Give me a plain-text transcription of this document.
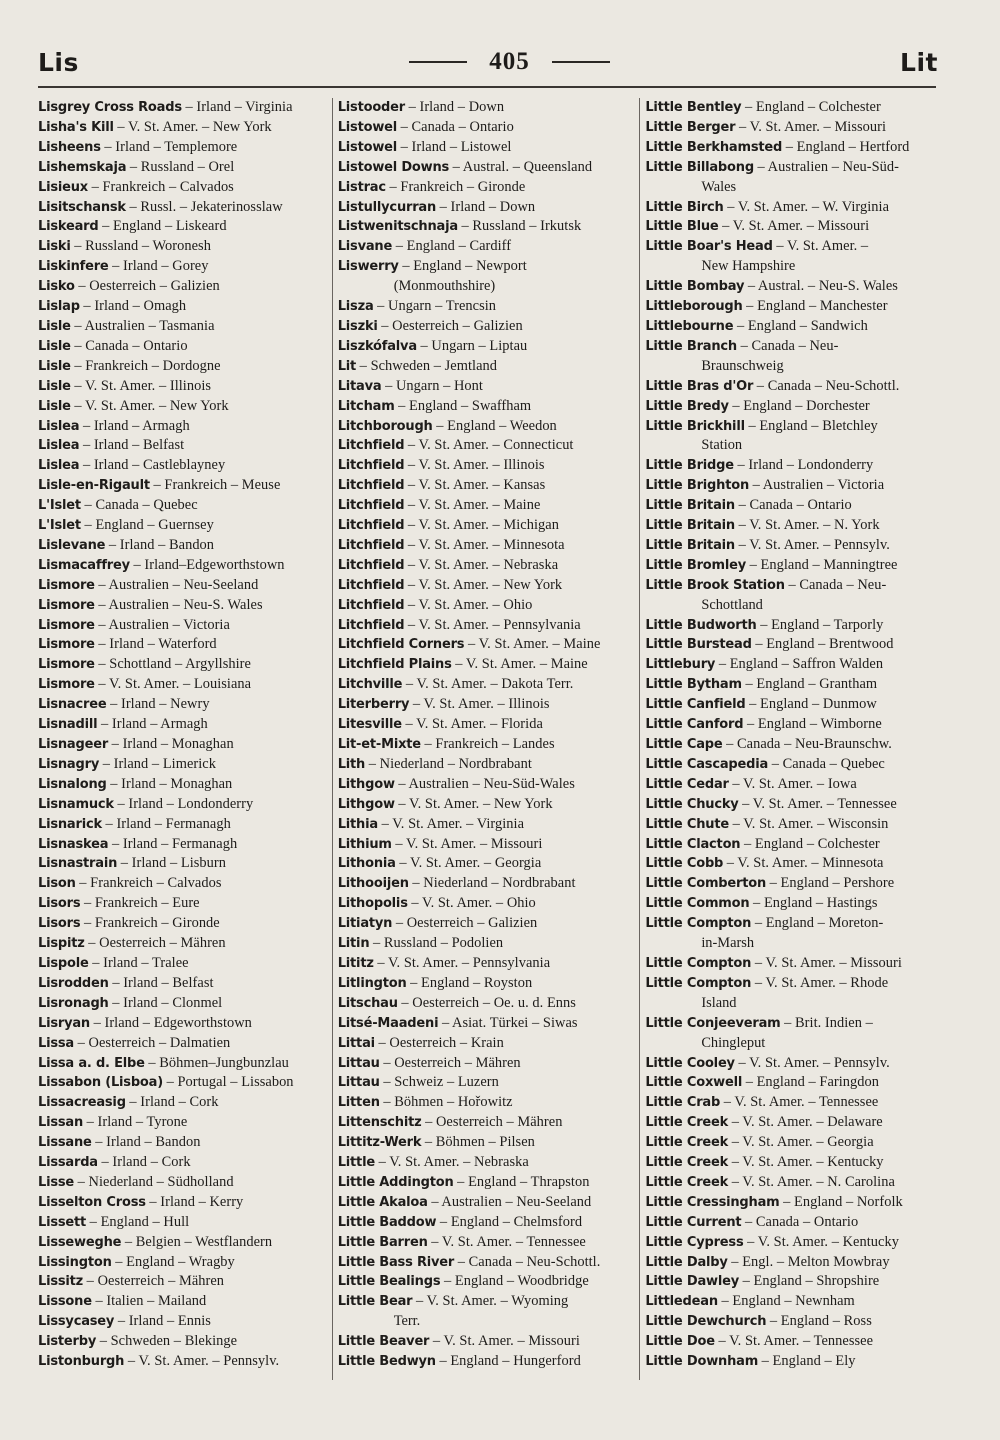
Lis	405	Lit
Lisgrey Cross Roads – Irland – Virginia
Lisha's Kill – V. St. Amer. – New York
Lisheens – Irland – Templemore
Lishemskaja – Russland – Orel
Lisieux – Frankreich – Calvados
Lisitschansk – Russl. – Jekaterinosslaw
Liskeard – England – Liskeard
Liski – Russland – Woronesh
Liskinfere – Irland – Gorey
Lisko – Oesterreich – Galizien
Lislap – Irland – Omagh
Lisle – Australien – Tasmania
Lisle – Canada – Ontario
Lisle – Frankreich – Dordogne
Lisle – V. St. Amer. – Illinois
Lisle – V. St. Amer. – New York
Lislea – Irland – Armagh
Lislea – Irland – Belfast
Lislea – Irland – Castleblayney
Lisle-en-Rigault – Frankreich – Meuse
L'Islet – Canada – Quebec
L'Islet – England – Guernsey
Lislevane – Irland – Bandon
Lismacaffrey – Irland–Edgeworthstown
Lismore – Australien – Neu-Seeland
Lismore – Australien – Neu-S. Wales
Lismore – Australien – Victoria
Lismore – Irland – Waterford
Lismore – Schottland – Argyllshire
Lismore – V. St. Amer. – Louisiana
Lisnacree – Irland – Newry
Lisnadill – Irland – Armagh
Lisnageer – Irland – Monaghan
Lisnagry – Irland – Limerick
Lisnalong – Irland – Monaghan
Lisnamuck – Irland – Londonderry
Lisnarick – Irland – Fermanagh
Lisnaskea – Irland – Fermanagh
Lisnastrain – Irland – Lisburn
Lison – Frankreich – Calvados
Lisors – Frankreich – Eure
Lisors – Frankreich – Gironde
Lispitz – Oesterreich – Mähren
Lispole – Irland – Tralee
Lisrodden – Irland – Belfast
Lisronagh – Irland – Clonmel
Lisryan – Irland – Edgeworthstown
Lissa – Oesterreich – Dalmatien
Lissa a. d. Elbe – Böhmen–Jungbunzlau
Lissabon (Lisboa) – Portugal – Lissabon
Lissacreasig – Irland – Cork
Lissan – Irland – Tyrone
Lissane – Irland – Bandon
Lissarda – Irland – Cork
Lisse – Niederland – Südholland
Lisselton Cross – Irland – Kerry
Lissett – England – Hull
Lisseweghe – Belgien – Westflandern
Lissington – England – Wragby
Lissitz – Oesterreich – Mähren
Lissone – Italien – Mailand
Lissycasey – Irland – Ennis
Listerby – Schweden – Blekinge
Listonburgh – V. St. Amer. – Pennsylv.
Listooder – Irland – Down
Listowel – Canada – Ontario
Listowel – Irland – Listowel
Listowel Downs – Austral. – Queensland
Listrac – Frankreich – Gironde
Listullycurran – Irland – Down
Listwenitschnaja – Russland – Irkutsk
Lisvane – England – Cardiff
Liswerry – England – Newport
(Monmouthshire)
Lisza – Ungarn – Trencsin
Liszki – Oesterreich – Galizien
Liszkófalva – Ungarn – Liptau
Lit – Schweden – Jemtland
Litava – Ungarn – Hont
Litcham – England – Swaffham
Litchborough – England – Weedon
Litchfield – V. St. Amer. – Connecticut
Litchfield – V. St. Amer. – Illinois
Litchfield – V. St. Amer. – Kansas
Litchfield – V. St. Amer. – Maine
Litchfield – V. St. Amer. – Michigan
Litchfield – V. St. Amer. – Minnesota
Litchfield – V. St. Amer. – Nebraska
Litchfield – V. St. Amer. – New York
Litchfield – V. St. Amer. – Ohio
Litchfield – V. St. Amer. – Pennsylvania
Litchfield Corners – V. St. Amer. – Maine
Litchfield Plains – V. St. Amer. – Maine
Litchville – V. St. Amer. – Dakota Terr.
Literberry – V. St. Amer. – Illinois
Litesville – V. St. Amer. – Florida
Lit-et-Mixte – Frankreich – Landes
Lith – Niederland – Nordbrabant
Lithgow – Australien – Neu-Süd-Wales
Lithgow – V. St. Amer. – New York
Lithia – V. St. Amer. – Virginia
Lithium – V. St. Amer. – Missouri
Lithonia – V. St. Amer. – Georgia
Lithooijen – Niederland – Nordbrabant
Lithopolis – V. St. Amer. – Ohio
Litiatyn – Oesterreich – Galizien
Litin – Russland – Podolien
Lititz – V. St. Amer. – Pennsylvania
Litlington – England – Royston
Litschau – Oesterreich – Oe. u. d. Enns
Litsé-Maadeni – Asiat. Türkei – Siwas
Littai – Oesterreich – Krain
Littau – Oesterreich – Mähren
Littau – Schweiz – Luzern
Litten – Böhmen – Hořowitz
Littenschitz – Oesterreich – Mähren
Littitz-Werk – Böhmen – Pilsen
Little – V. St. Amer. – Nebraska
Little Addington – England – Thrapston
Little Akaloa – Australien – Neu-Seeland
Little Baddow – England – Chelmsford
Little Barren – V. St. Amer. – Tennessee
Little Bass River – Canada – Neu-Schottl.
Little Bealings – England – Woodbridge
Little Bear – V. St. Amer. – Wyoming
Terr.
Little Beaver – V. St. Amer. – Missouri
Little Bedwyn – England – Hungerford
Little Bentley – England – Colchester
Little Berger – V. St. Amer. – Missouri
Little Berkhamsted – England – Hertford
Little Billabong – Australien – Neu-Süd-
Wales
Little Birch – V. St. Amer. – W. Virginia
Little Blue – V. St. Amer. – Missouri
Little Boar's Head – V. St. Amer. –
New Hampshire
Little Bombay – Austral. – Neu-S. Wales
Littleborough – England – Manchester
Littlebourne – England – Sandwich
Little Branch – Canada – Neu-
Braunschweig
Little Bras d'Or – Canada – Neu-Schottl.
Little Bredy – England – Dorchester
Little Brickhill – England – Bletchley
Station
Little Bridge – Irland – Londonderry
Little Brighton – Australien – Victoria
Little Britain – Canada – Ontario
Little Britain – V. St. Amer. – N. York
Little Britain – V. St. Amer. – Pennsylv.
Little Bromley – England – Manningtree
Little Brook Station – Canada – Neu-
Schottland
Little Budworth – England – Tarporly
Little Burstead – England – Brentwood
Littlebury – England – Saffron Walden
Little Bytham – England – Grantham
Little Canfield – England – Dunmow
Little Canford – England – Wimborne
Little Cape – Canada – Neu-Braunschw.
Little Cascapedia – Canada – Quebec
Little Cedar – V. St. Amer. – Iowa
Little Chucky – V. St. Amer. – Tennessee
Little Chute – V. St. Amer. – Wisconsin
Little Clacton – England – Colchester
Little Cobb – V. St. Amer. – Minnesota
Little Comberton – England – Pershore
Little Common – England – Hastings
Little Compton – England – Moreton-
in-Marsh
Little Compton – V. St. Amer. – Missouri
Little Compton – V. St. Amer. – Rhode
Island
Little Conjeeveram – Brit. Indien –
Chingleput
Little Cooley – V. St. Amer. – Pennsylv.
Little Coxwell – England – Faringdon
Little Crab – V. St. Amer. – Tennessee
Little Creek – V. St. Amer. – Delaware
Little Creek – V. St. Amer. – Georgia
Little Creek – V. St. Amer. – Kentucky
Little Creek – V. St. Amer. – N. Carolina
Little Cressingham – England – Norfolk
Little Current – Canada – Ontario
Little Cypress – V. St. Amer. – Kentucky
Little Dalby – Engl. – Melton Mowbray
Little Dawley – England – Shropshire
Littledean – England – Newnham
Little Dewchurch – England – Ross
Little Doe – V. St. Amer. – Tennessee
Little Downham – England – Ely
